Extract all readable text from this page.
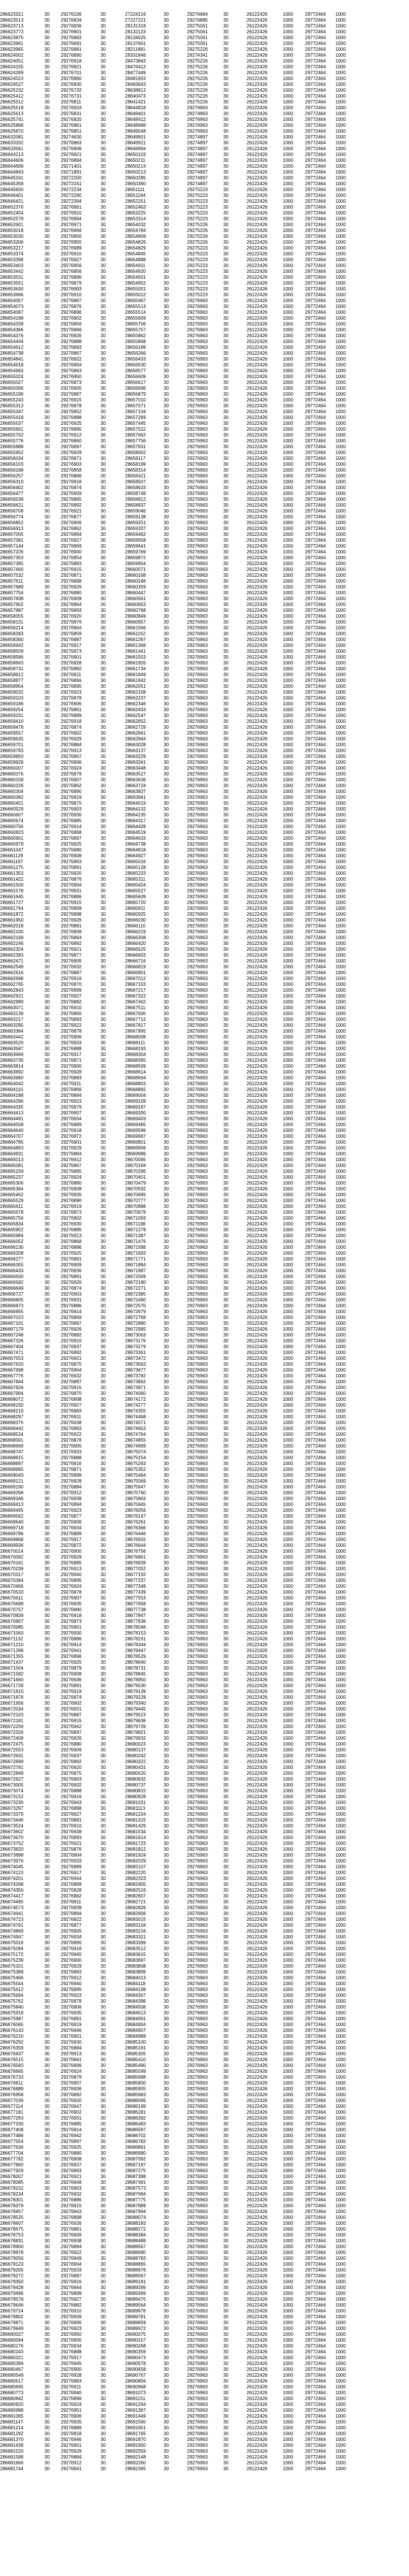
286623321	30	29276106	30	27224216	30	29276684	30	26122426	1000	29772464	1000
286623513	30	29276834	30	27227221	30	29276885	30	26122426	1000	29772464	1000
286623713	30	29276836	30	28131318	30	29275061	30	26122426	1000	29772464	1000
286623773	30	29276901	30	28132123	30	29275061	30	26122426	1000	29772464	1000
286623875	30	29276883	30	28134025	30	29275061	30	26122426	1000	29772464	1000
286623961	30	29276681	30	28137661	30	29275061	30	26122426	1000	29772464	1000
286623965	30	29276881	30	28211881	30	29275226	30	26122426	1000	29772464	1000
286624002	30	29276890	30	28331846	30	29274341	30	26122426	1000	29772464	1000
286624051	30	29276918	30	28473843	30	29275226	30	26122426	1000	29772464	1000
286624155	30	29276921	30	28476412	30	29275226	30	26122426	1000	29772464	1000
286624269	30	29276701	30	28477449	30	29275226	30	26122426	1000	29772464	1000
286624523	30	29276860	30	28481603	30	29275226	30	26122426	1000	29772464	1000
286624527	30	29276930	30	28483643	30	29275226	30	26122426	1000	29772464	1000
286625232	30	29276732	30	28638812	30	29275226	30	26122426	1000	29772464	1000
286625412	30	29276731	30	28640473	30	29275226	30	26122426	1000	29772464	1000
286625512	30	29276811	30	28641421	30	29275226	30	26122426	1000	29772464	1000
286625518	30	29276924	30	28644818	30	29276963	30	26122426	1000	29772464	1000
286625613	30	29276831	30	28648401	30	29274863	30	26122426	1000	29772464	1000
286625741	30	29276820	30	28648412	30	29276963	30	26122426	1000	29772464	1000
286625868	30	29276861	30	28648688	30	29276963	30	26122426	1000	29772464	1000
286625870	30	29276851	30	28649048	30	29276963	30	26122426	1000	29772464	1000
286632081	30	29274630	30	28649901	30	29274897	30	26122426	1000	29772464	1000
286633332	30	29276863	30	28649921	30	29274897	30	26122426	1000	29772464	1000
286633561	30	29276906	30	28649994	30	29274897	30	26122426	1000	29772464	1000
286644213	30	29276921	30	28650103	30	29274897	30	26122426	1000	29772464	1000
286644606	30	29276894	30	28650211	30	29274897	30	26122426	1000	29772464	1000
286644699	30	29271401	30	28650214	30	29274897	30	26122426	1000	29772464	1000
286644843	30	29271891	30	28650213	30	29274897	30	26122426	1000	29772464	1000
286645241	30	29272200	30	28650285	30	29274897	30	26122426	1000	29772464	1000
286645358	30	29272241	30	28650360	30	29274897	30	26122426	1000	29772464	1000
286645600	30	29272234	30	28651111	30	29275223	30	26122426	1000	29772464	1000
286646401	30	29272290	30	28651194	30	29275223	30	26122426	1000	29772464	1000
286646421	30	29272394	30	28652251	30	29275223	30	26122426	1000	29772464	1000
286652376	30	29276861	30	28652463	30	29275223	30	26122426	1000	29772464	1000
286652454	30	29276910	30	28653225	30	29275223	30	26122426	1000	29772464	1000
286652579	30	29276894	30	28653314	30	29275223	30	26122426	1000	29772464	1000
286652601	30	29276971	30	28654032	30	29275226	30	26122426	1000	29772464	1000
286653018	30	29276966	30	28654784	30	29275226	30	26122426	1000	29772464	1000
286653030	30	29276956	30	28654809	30	29275226	30	26122426	1000	29772464	1000
286653206	30	29276955	30	28654826	30	29275226	30	26122426	1000	29772464	1000
286653217	30	29276989	30	28654829	30	29275223	30	26122426	1000	29772464	1000
286653374	30	29276910	30	28654845	30	29275223	30	26122426	1000	29772464	1000
286653398	30	29276927	30	28654888	30	29275223	30	26122426	1000	29772464	1000
286653403	30	29276956	30	28654911	30	29275223	30	26122426	1000	29772464	1000
286653442	30	29276856	30	28654920	30	29275223	30	26122426	1000	29772464	1000
286653531	30	29276896	30	28654931	30	29275223	30	26122426	1000	29772464	1000
286653551	30	29276879	30	28654952	30	29275223	30	26122426	1000	29772464	1000
286653630	30	29276993	30	28655001	30	29275223	30	26122426	1000	29772464	1000
286653666	30	29276910	30	28655012	30	29275223	30	26122426	1000	29772464	1000
286654057	30	29276867	30	28655467	30	29276963	30	26122426	1000	29772464	1000
286654073	30	29276876	30	28655513	30	29276963	30	26122426	1000	29772464	1000
286654087	30	29276896	30	28655514	30	29276963	30	26122426	1000	29772464	1000
286654198	30	29276902	30	28655609	30	29276963	30	26122426	1000	29772464	1000
286654339	30	29276856	30	28655706	30	29276963	30	26122426	1000	29772464	1000
286654366	30	29276866	30	28655757	30	29276963	30	26122426	1000	29772464	1000
286654376	30	29276826	30	28655862	30	29276963	30	26122426	1000	29772464	1000
286654444	30	29276888	30	28655868	30	29276963	30	26122426	1000	29772464	1000
286654612	30	29276893	30	28656189	30	29276963	30	26122426	1000	29772464	1000
286654738	30	29276867	30	28656266	30	29276963	30	26122426	1000	29772464	1000
286654841	30	29276922	30	28656433	30	29276963	30	26122426	1000	29772464	1000
286654918	30	29276904	30	28656530	30	29276963	30	26122426	1000	29772464	1000
286654963	30	29276863	30	28656577	30	29276963	30	26122426	1000	29772464	1000
286655024	30	29276950	30	28656609	30	29276963	30	26122426	1000	29772464	1000
286655027	30	29276873	30	28656617	30	29276963	30	26122426	1000	29772464	1000
286655066	30	29276905	30	28656696	30	29276963	30	26122426	1000	29772464	1000
286655196	30	29276887	30	28656879	30	29276963	30	26122426	1000	29772464	1000
286655243	30	29276915	30	28657010	30	29276963	30	26122426	1000	29772464	1000
286655313	30	29276878	30	28657071	30	29276963	30	26122426	1000	29772464	1000
286655347	30	29276852	30	28657104	30	29276963	30	26122426	1000	29772464	1000
286655418	30	29276888	30	28657269	30	29276963	30	26122426	1000	29772464	1000
286655537	30	29276925	30	28657445	30	29276963	30	26122426	1000	29772464	1000
286655601	30	29276890	30	28657522	30	29276963	30	26122426	1000	29772464	1000
286655702	30	29276912	30	28657662	30	29276963	30	26122426	1000	29772464	1000
286655776	30	29276860	30	28657756	30	29276963	30	26122426	1000	29772464	1000
286655888	30	29276897	30	28657931	30	29276963	30	26122426	1000	29772464	1000
286655952	30	29276929	30	28658002	30	29276963	30	26122426	1000	29772464	1000
286656034	30	29276871	30	28658117	30	29276963	30	26122426	1000	29772464	1000
286656103	30	29276903	30	28658199	30	29276963	30	26122426	1000	29772464	1000
286656188	30	29276858	30	28658314	30	29276963	30	26122426	1000	29772464	1000
286656257	30	29276886	30	28658421	30	29276963	30	26122426	1000	29772464	1000
286656310	30	29276918	30	28658507	30	29276963	30	26122426	1000	29772464	1000
286656402	30	29276874	30	28658633	30	29276963	30	26122426	1000	29772464	1000
286656477	30	29276909	30	28658748	30	29276963	30	26122426	1000	29772464	1000
286656539	30	29276865	30	28658812	30	29276963	30	26122426	1000	29772464	1000
286656621	30	29276892	30	28658937	30	29276963	30	26122426	1000	29772464	1000
286656708	30	29276921	30	28659046	30	29276963	30	26122426	1000	29772464	1000
286656774	30	29276877	30	28659138	30	29276963	30	26122426	1000	29772464	1000
286656852	30	29276906	30	28659251	30	29276963	30	26122426	1000	29772464	1000
286656913	30	29276862	30	28659337	30	29276963	30	26122426	1000	29772464	1000
286657005	30	29276894	30	28659462	30	29276963	30	26122426	1000	29772464	1000
286657081	30	29276927	30	28659558	30	29276963	30	26122426	1000	29772464	1000
286657144	30	29276869	30	28659641	30	29276963	30	26122426	1000	29772464	1000
286657226	30	29276900	30	28659769	30	29276963	30	26122426	1000	29772464	1000
286657303	30	29276854	30	28659872	30	29276963	30	26122426	1000	29772464	1000
286657385	30	29276883	30	28659954	30	29276963	30	26122426	1000	29772464	1000
286657460	30	29276915	30	28660071	30	29276963	30	26122426	1000	29772464	1000
286657532	30	29276871	30	28660168	30	29276963	30	26122426	1000	29772464	1000
286657611	30	29276898	30	28660246	30	29276963	30	26122426	1000	29772464	1000
286657689	30	29276926	30	28660359	30	29276963	30	26122426	1000	29772464	1000
286657754	30	29276880	30	28660447	30	29276963	30	26122426	1000	29772464	1000
286657838	30	29276909	30	28660561	30	29276963	30	26122426	1000	29772464	1000
286657902	30	29276864	30	28660653	30	29276963	30	26122426	1000	29772464	1000
286657987	30	29276893	30	28660768	30	29276963	30	26122426	1000	29772464	1000
286658055	30	29276920	30	28660849	30	29276963	30	26122426	1000	29772464	1000
286658131	30	29276876	30	28660957	30	29276963	30	26122426	1000	29772464	1000
286658214	30	29276904	30	28661066	30	29276963	30	26122426	1000	29772464	1000
286658283	30	29276859	30	28661152	30	29276963	30	26122426	1000	29772464	1000
286658360	30	29276887	30	28661267	30	29276963	30	26122426	1000	29772464	1000
286658442	30	29276917	30	28661368	30	29276963	30	26122426	1000	29772464	1000
286658509	30	29276873	30	28661441	30	29276963	30	26122426	1000	29772464	1000
286658586	30	29276901	30	28661553	30	29276963	30	26122426	1000	29772464	1000
286658663	30	29276928	30	28661655	30	29276963	30	26122426	1000	29772464	1000
286658731	30	29276882	30	28661734	30	29276963	30	26122426	1000	29772464	1000
286658812	30	29276911	30	28661849	30	29276963	30	26122426	1000	29772464	1000
286658877	30	29276866	30	28661942	30	29276963	30	26122426	1000	29772464	1000
286658954	30	29276895	30	28662051	30	29276963	30	26122426	1000	29772464	1000
286659032	30	29276923	30	28662158	30	29276963	30	26122426	1000	29772464	1000
286659103	30	29276878	30	28662237	30	29276963	30	26122426	1000	29772464	1000
286659186	30	29276906	30	28662346	30	29276963	30	26122426	1000	29772464	1000
286659254	30	29276861	30	28662433	30	29276963	30	26122426	1000	29772464	1000
286659331	30	29276889	30	28662547	30	29276963	30	26122426	1000	29772464	1000
286659410	30	29276918	30	28662652	30	29276963	30	26122426	1000	29772464	1000
286659478	30	29276874	30	28662729	30	29276963	30	26122426	1000	29772464	1000
286659557	30	29276902	30	28662841	30	29276963	30	26122426	1000	29772464	1000
286659635	30	29276929	30	28662944	30	29276963	30	26122426	1000	29772464	1000
286659701	30	29276884	30	28663028	30	29276963	30	26122426	1000	29772464	1000
286659783	30	29276913	30	28663137	30	29276963	30	26122426	1000	29772464	1000
286659850	30	29276867	30	28663229	30	29276963	30	26122426	1000	29772464	1000
286659928	30	29276896	30	28663341	30	29276963	30	26122426	1000	29772464	1000
286660007	30	29276924	30	28663448	30	29276963	30	26122426	1000	29772464	1000
286660076	30	29276879	30	28663527	30	29276963	30	26122426	1000	29772464	1000
286660158	30	29276907	30	28663636	30	29276963	30	26122426	1000	29772464	1000
286660226	30	29276862	30	28663724	30	29276963	30	26122426	1000	29772464	1000
286660304	30	29276890	30	28663837	30	29276963	30	26122426	1000	29772464	1000
286660382	30	29276919	30	28663941	30	29276963	30	26122426	1000	29772464	1000
286660451	30	29276875	30	28664019	30	29276963	30	26122426	1000	29772464	1000
286660529	30	29276903	30	28664132	30	29276963	30	26122426	1000	29772464	1000
286660607	30	29276930	30	28664235	30	29276963	30	26122426	1000	29772464	1000
286660674	30	29276885	30	28664317	30	29276963	30	26122426	1000	29772464	1000
286660756	30	29276914	30	28664428	30	29276963	30	26122426	1000	29772464	1000
286660823	30	29276868	30	28664519	30	29276963	30	26122426	1000	29772464	1000
286660901	30	29276897	30	28664633	30	29276963	30	26122426	1000	29772464	1000
286660979	30	29276925	30	28664738	30	29276963	30	26122426	1000	29772464	1000
286661047	30	29276880	30	28664818	30	29276963	30	26122426	1000	29772464	1000
286661129	30	29276908	30	28664927	30	29276963	30	26122426	1000	29772464	1000
286661197	30	29276863	30	28665016	30	29276963	30	26122426	1000	29772464	1000
286661275	30	29276891	30	28665128	30	29276963	30	26122426	1000	29772464	1000
286661353	30	29276920	30	28665233	30	29276963	30	26122426	1000	29772464	1000
286661422	30	29276876	30	28665311	30	29276963	30	26122426	1000	29772464	1000
286661500	30	29276904	30	28665424	30	29276963	30	26122426	1000	29772464	1000
286661578	30	29276931	30	28665527	30	29276963	30	26122426	1000	29772464	1000
286661645	30	29276886	30	28665609	30	29276963	30	26122426	1000	29772464	1000
286661727	30	29276915	30	28665720	30	29276963	30	26122426	1000	29772464	1000
286661794	30	29276869	30	28665811	30	29276963	30	26122426	1000	29772464	1000
286661872	30	29276898	30	28665925	30	29276963	30	26122426	1000	29772464	1000
286661950	30	29276926	30	28666030	30	29276963	30	26122426	1000	29772464	1000
286662018	30	29276881	30	28666110	30	29276963	30	26122426	1000	29772464	1000
286662100	30	29276909	30	28666219	30	29276963	30	26122426	1000	29772464	1000
286662168	30	29276864	30	28666308	30	29276963	30	26122426	1000	29772464	1000
286662246	30	29276892	30	28666420	30	29276963	30	26122426	1000	29772464	1000
286662324	30	29276921	30	28666525	30	29276963	30	26122426	1000	29772464	1000
286662393	30	29276877	30	28666603	30	29276963	30	26122426	1000	29772464	1000
286662471	30	29276905	30	28666716	30	29276963	30	26122426	1000	29772464	1000
286662549	30	29276932	30	28666819	30	29276963	30	26122426	1000	29772464	1000
286662616	30	29276887	30	28666901	30	29276963	30	26122426	1000	29772464	1000
286662698	30	29276916	30	28667012	30	29276963	30	26122426	1000	29772464	1000
286662765	30	29276870	30	28667103	30	29276963	30	26122426	1000	29772464	1000
286662843	30	29276899	30	28667217	30	29276963	30	26122426	1000	29772464	1000
286662921	30	29276927	30	28667322	30	29276963	30	26122426	1000	29772464	1000
286662989	30	29276882	30	28667402	30	29276963	30	26122426	1000	29772464	1000
286663071	30	29276910	30	28667511	30	29276963	30	26122426	1000	29772464	1000
286663139	30	29276865	30	28667600	30	29276963	30	26122426	1000	29772464	1000
286663217	30	29276893	30	28667712	30	29276963	30	26122426	1000	29772464	1000
286663295	30	29276922	30	28667817	30	29276963	30	26122426	1000	29772464	1000
286663364	30	29276878	30	28667895	30	29276963	30	26122426	1000	29772464	1000
286663442	30	29276906	30	28668008	30	29276963	30	26122426	1000	29772464	1000
286663520	30	29276933	30	28668111	30	29276963	30	26122426	1000	29772464	1000
286663587	30	29276888	30	28668193	30	29276963	30	26122426	1000	29772464	1000
286663669	30	29276917	30	28668304	30	29276963	30	26122426	1000	29772464	1000
286663736	30	29276871	30	28668395	30	29276963	30	26122426	1000	29772464	1000
286663814	30	29276900	30	28668509	30	29276963	30	26122426	1000	29772464	1000
286663892	30	29276928	30	28668614	30	29276963	30	26122426	1000	29772464	1000
286663960	30	29276883	30	28668694	30	29276963	30	26122426	1000	29772464	1000
286664042	30	29276911	30	28668803	30	29276963	30	26122426	1000	29772464	1000
286664110	30	29276866	30	28668892	30	29276963	30	26122426	1000	29772464	1000
286664188	30	29276894	30	28669004	30	29276963	30	26122426	1000	29772464	1000
286664266	30	29276923	30	28669109	30	29276963	30	26122426	1000	29772464	1000
286664335	30	29276879	30	28669187	30	29276963	30	26122426	1000	29772464	1000
286664413	30	29276907	30	28669300	30	29276963	30	26122426	1000	29772464	1000
286664491	30	29276934	30	28669403	30	29276963	30	26122426	1000	29772464	1000
286664558	30	29276889	30	28669485	30	29276963	30	26122426	1000	29772464	1000
286664640	30	29276918	30	28669596	30	29276963	30	26122426	1000	29772464	1000
286664707	30	29276872	30	28669687	30	29276963	30	26122426	1000	29772464	1000
286664785	30	29276901	30	28669801	30	29276963	30	26122426	1000	29772464	1000
286664863	30	29276929	30	28669906	30	29276963	30	26122426	1000	29772464	1000
286664931	30	29276884	30	28669986	30	29276963	30	26122426	1000	29772464	1000
286665013	30	29276912	30	28670095	30	29276963	30	26122426	1000	29772464	1000
286665081	30	29276867	30	28670184	30	29276963	30	26122426	1000	29772464	1000
286665159	30	29276895	30	28670296	30	29276963	30	26122426	1000	29772464	1000
286665237	30	29276924	30	28670401	30	29276963	30	26122426	1000	29772464	1000
286665306	30	29276880	30	28670479	30	29276963	30	26122426	1000	29772464	1000
286665384	30	29276908	30	28670592	30	29276963	30	26122426	1000	29772464	1000
286665462	30	29276935	30	28670695	30	29276963	30	26122426	1000	29772464	1000
286665529	30	29276890	30	28670777	30	29276963	30	26122426	1000	29772464	1000
286665611	30	29276919	30	28670888	30	29276963	30	26122426	1000	29772464	1000
286665678	30	29276873	30	28670979	30	29276963	30	26122426	1000	29772464	1000
286665756	30	29276902	30	28671093	30	29276963	30	26122426	1000	29772464	1000
286665834	30	29276930	30	28671198	30	29276963	30	26122426	1000	29772464	1000
286665902	30	29276885	30	28671278	30	29276963	30	26122426	1000	29772464	1000
286665984	30	29276913	30	28671387	30	29276963	30	26122426	1000	29772464	1000
286666052	30	29276868	30	28671476	30	29276963	30	26122426	1000	29772464	1000
286666130	30	29276896	30	28671588	30	29276963	30	26122426	1000	29772464	1000
286666208	30	29276925	30	28671693	30	29276963	30	26122426	1000	29772464	1000
286666277	30	29276881	30	28671771	30	29276963	30	26122426	1000	29772464	1000
286666355	30	29276909	30	28671884	30	29276963	30	26122426	1000	29772464	1000
286666433	30	29276936	30	28671987	30	29276963	30	26122426	1000	29772464	1000
286666500	30	29276891	30	28672069	30	29276963	30	26122426	1000	29772464	1000
286666582	30	29276920	30	28672180	30	29276963	30	26122426	1000	29772464	1000
286666649	30	29276874	30	28672271	30	29276963	30	26122426	1000	29772464	1000
286666727	30	29276903	30	28672385	30	29276963	30	26122426	1000	29772464	1000
286666805	30	29276931	30	28672490	30	29276963	30	26122426	1000	29772464	1000
286666873	30	29276886	30	28672570	30	29276963	30	26122426	1000	29772464	1000
286666955	30	29276914	30	28672679	30	29276963	30	26122426	1000	29772464	1000
286667023	30	29276869	30	28672768	30	29276963	30	26122426	1000	29772464	1000
286667101	30	29276897	30	28672880	30	29276963	30	26122426	1000	29772464	1000
286667179	30	29276926	30	28672985	30	29276963	30	26122426	1000	29772464	1000
286667248	30	29276882	30	28673063	30	29276963	30	26122426	1000	29772464	1000
286667326	30	29276910	30	28673176	30	29276963	30	26122426	1000	29772464	1000
286667404	30	29276937	30	28673279	30	29276963	30	26122426	1000	29772464	1000
286667471	30	29276892	30	28673361	30	29276963	30	26122426	1000	29772464	1000
286667553	30	29276921	30	28673472	30	29276963	30	26122426	1000	29772464	1000
286667620	30	29276875	30	28673563	30	29276963	30	26122426	1000	29772464	1000
286667698	30	29276904	30	28673677	30	29276963	30	26122426	1000	29772464	1000
286667776	30	29276932	30	28673782	30	29276963	30	26122426	1000	29772464	1000
286667844	30	29276887	30	28673862	30	29276963	30	26122426	1000	29772464	1000
286667926	30	29276915	30	28673971	30	29276963	30	26122426	1000	29772464	1000
286667994	30	29276870	30	28674060	30	29276963	30	26122426	1000	29772464	1000
286668072	30	29276898	30	28674172	30	29276963	30	26122426	1000	29772464	1000
286668150	30	29276927	30	28674277	30	29276963	30	26122426	1000	29772464	1000
286668219	30	29276883	30	28674355	30	29276963	30	26122426	1000	29772464	1000
286668297	30	29276911	30	28674468	30	29276963	30	26122426	1000	29772464	1000
286668375	30	29276938	30	28674571	30	29276963	30	26122426	1000	29772464	1000
286668442	30	29276893	30	28674653	30	29276963	30	26122426	1000	29772464	1000
286668524	30	29276922	30	28674764	30	29276963	30	26122426	1000	29772464	1000
286668591	30	29276876	30	28674855	30	29276963	30	26122426	1000	29772464	1000
286668669	30	29276905	30	28674969	30	29276963	30	26122426	1000	29772464	1000
286668747	30	29276933	30	28675074	30	29276963	30	26122426	1000	29772464	1000
286668815	30	29276888	30	28675154	30	29276963	30	26122426	1000	29772464	1000
286668897	30	29276916	30	28675263	30	29276963	30	26122426	1000	29772464	1000
286668965	30	29276871	30	28675352	30	29276963	30	26122426	1000	29772464	1000
286669043	30	29276899	30	28675464	30	29276963	30	26122426	1000	29772464	1000
286669121	30	29276928	30	28675569	30	29276963	30	26122426	1000	29772464	1000
286669190	30	29276884	30	28675647	30	29276963	30	26122426	1000	29772464	1000
286669268	30	29276912	30	28675760	30	29276963	30	26122426	1000	29772464	1000
286669346	30	29276939	30	28675863	30	29276963	30	26122426	1000	29772464	1000
286669413	30	29276894	30	28675945	30	29276963	30	26122426	1000	29772464	1000
286669495	30	29276923	30	28676056	30	29276963	30	26122426	1000	29772464	1000
286669562	30	29276877	30	28676147	30	29276963	30	26122426	1000	29772464	1000
286669640	30	29276906	30	28676261	30	29276963	30	26122426	1000	29772464	1000
286669718	30	29276934	30	28676366	30	29276963	30	26122426	1000	29772464	1000
286669786	30	29276889	30	28676446	30	29276963	30	26122426	1000	29772464	1000
286669868	30	29276917	30	28676555	30	29276963	30	26122426	1000	29772464	1000
286669936	30	29276872	30	28676644	30	29276963	30	26122426	1000	29772464	1000
286670014	30	29276900	30	28676756	30	29276963	30	26122426	1000	29772464	1000
286670092	30	29276929	30	28676861	30	29276963	30	26122426	1000	29772464	1000
286670161	30	29276885	30	28676939	30	29276963	30	26122426	1000	29772464	1000
286670239	30	29276913	30	28677052	30	29276963	30	26122426	1000	29772464	1000
286670317	30	29276940	30	28677155	30	29276963	30	26122426	1000	29772464	1000
286670384	30	29276895	30	28677237	30	29276963	30	26122426	1000	29772464	1000
286670466	30	29276924	30	28677348	30	29276963	30	26122426	1000	29772464	1000
286670533	30	29276878	30	28677439	30	29276963	30	26122426	1000	29772464	1000
286670611	30	29276907	30	28677553	30	29276963	30	26122426	1000	29772464	1000
286670689	30	29276935	30	28677658	30	29276963	30	26122426	1000	29772464	1000
286670757	30	29276890	30	28677738	30	29276963	30	26122426	1000	29772464	1000
286670839	30	29276918	30	28677847	30	29276963	30	26122426	1000	29772464	1000
286670907	30	29276873	30	28677936	30	29276963	30	26122426	1000	29772464	1000
286670985	30	29276901	30	28678048	30	29276963	30	26122426	1000	29772464	1000
286671063	30	29276930	30	28678153	30	29276963	30	26122426	1000	29772464	1000
286671132	30	29276886	30	28678231	30	29276963	30	26122426	1000	29772464	1000
286671210	30	29276914	30	28678344	30	29276963	30	26122426	1000	29772464	1000
286671288	30	29276941	30	28678447	30	29276963	30	26122426	1000	29772464	1000
286671355	30	29276896	30	28678529	30	29276963	30	26122426	1000	29772464	1000
286671437	30	29276925	30	28678640	30	29276963	30	26122426	1000	29772464	1000
286671504	30	29276879	30	28678731	30	29276963	30	26122426	1000	29772464	1000
286671582	30	29276908	30	28678845	30	29276963	30	26122426	1000	29772464	1000
286671660	30	29276936	30	28678950	30	29276963	30	26122426	1000	29772464	1000
286671728	30	29276891	30	28679030	30	29276963	30	26122426	1000	29772464	1000
286671810	30	29276919	30	28679139	30	29276963	30	26122426	1000	29772464	1000
286671878	30	29276874	30	28679228	30	29276963	30	26122426	1000	29772464	1000
286671956	30	29276902	30	28679340	30	29276963	30	26122426	1000	29772464	1000
286672034	30	29276931	30	28679445	30	29276963	30	26122426	1000	29772464	1000
286672103	30	29276887	30	28679523	30	29276963	30	26122426	1000	29772464	1000
286672181	30	29276915	30	28679636	30	29276963	30	26122426	1000	29772464	1000
286672259	30	29276942	30	28679739	30	29276963	30	26122426	1000	29772464	1000
286672326	30	29276897	30	28679821	30	29276963	30	26122426	1000	29772464	1000
286672408	30	29276926	30	28679932	30	29276963	30	26122426	1000	29772464	1000
286672475	30	29276880	30	28680023	30	29276963	30	26122426	1000	29772464	1000
286672553	30	29276909	30	28680137	30	29276963	30	26122426	1000	29772464	1000
286672631	30	29276937	30	28680242	30	29276963	30	26122426	1000	29772464	1000
286672699	30	29276892	30	28680322	30	29276963	30	26122426	1000	29772464	1000
286672781	30	29276920	30	28680431	30	29276963	30	26122426	1000	29772464	1000
286672849	30	29276875	30	28680520	30	29276963	30	26122426	1000	29772464	1000
286672927	30	29276903	30	28680632	30	29276963	30	26122426	1000	29772464	1000
286673005	30	29276932	30	28680737	30	29276963	30	26122426	1000	29772464	1000
286673074	30	29276888	30	28680815	30	29276963	30	26122426	1000	29772464	1000
286673152	30	29276916	30	28680928	30	29276963	30	26122426	1000	29772464	1000
286673230	30	29276943	30	28681031	30	29276963	30	26122426	1000	29772464	1000
286673297	30	29276898	30	28681113	30	29276963	30	26122426	1000	29772464	1000
286673379	30	29276927	30	28681224	30	29276963	30	26122426	1000	29772464	1000
286673446	30	29276881	30	28681315	30	29276963	30	26122426	1000	29772464	1000
286673524	30	29276910	30	28681429	30	29276963	30	26122426	1000	29772464	1000
286673602	30	29276938	30	28681534	30	29276963	30	26122426	1000	29772464	1000
286673670	30	29276893	30	28681614	30	29276963	30	26122426	1000	29772464	1000
286673752	30	29276921	30	28681723	30	29276963	30	26122426	1000	29772464	1000
286673820	30	29276876	30	28681812	30	29276963	30	26122426	1000	29772464	1000
286673898	30	29276904	30	28681924	30	29276963	30	26122426	1000	29772464	1000
286673976	30	29276933	30	28682029	30	29276963	30	26122426	1000	29772464	1000
286674045	30	29276889	30	28682107	30	29276963	30	26122426	1000	29772464	1000
286674123	30	29276917	30	28682220	30	29276963	30	26122426	1000	29772464	1000
286674201	30	29276944	30	28682323	30	29276963	30	26122426	1000	29772464	1000
286674268	30	29276899	30	28682405	30	29276963	30	26122426	1000	29772464	1000
286674350	30	29276928	30	28682516	30	29276963	30	26122426	1000	29772464	1000
286674417	30	29276882	30	28682607	30	29276963	30	26122426	1000	29772464	1000
286674495	30	29276911	30	28682721	30	29276963	30	26122426	1000	29772464	1000
286674573	30	29276939	30	28682826	30	29276963	30	26122426	1000	29772464	1000
286674641	30	29276894	30	28682906	30	29276963	30	26122426	1000	29772464	1000
286674723	30	29276922	30	28683015	30	29276963	30	26122426	1000	29772464	1000
286674791	30	29276877	30	28683104	30	29276963	30	26122426	1000	29772464	1000
286674869	30	29276905	30	28683216	30	29276963	30	26122426	1000	29772464	1000
286674947	30	29276934	30	28683321	30	29276963	30	26122426	1000	29772464	1000
286675016	30	29276890	30	28683399	30	29276963	30	26122426	1000	29772464	1000
286675094	30	29276918	30	28683512	30	29276963	30	26122426	1000	29772464	1000
286675172	30	29276945	30	28683615	30	29276963	30	26122426	1000	29772464	1000
286675239	30	29276900	30	28683697	30	29276963	30	26122426	1000	29772464	1000
286675321	30	29276929	30	28683808	30	29276963	30	26122426	1000	29772464	1000
286675388	30	29276883	30	28683899	30	29276963	30	26122426	1000	29772464	1000
286675466	30	29276912	30	28684013	30	29276963	30	26122426	1000	29772464	1000
286675544	30	29276940	30	28684118	30	29276963	30	26122426	1000	29772464	1000
286675612	30	29276895	30	28684198	30	29276963	30	26122426	1000	29772464	1000
286675694	30	29276923	30	28684307	30	29276963	30	26122426	1000	29772464	1000
286675762	30	29276878	30	28684396	30	29276963	30	26122426	1000	29772464	1000
286675840	30	29276906	30	28684508	30	29276963	30	26122426	1000	29772464	1000
286675918	30	29276935	30	28684613	30	29276963	30	26122426	1000	29772464	1000
286675987	30	29276891	30	28684691	30	29276963	30	26122426	1000	29772464	1000
286676065	30	29276919	30	28684804	30	29276963	30	26122426	1000	29772464	1000
286676143	30	29276946	30	28684907	30	29276963	30	26122426	1000	29772464	1000
286676210	30	29276901	30	28684989	30	29276963	30	26122426	1000	29772464	1000
286676292	30	29276930	30	28685100	30	29276963	30	26122426	1000	29772464	1000
286676359	30	29276884	30	28685191	30	29276963	30	26122426	1000	29772464	1000
286676437	30	29276913	30	28685305	30	29276963	30	26122426	1000	29772464	1000
286676515	30	29276941	30	28685410	30	29276963	30	26122426	1000	29772464	1000
286676583	30	29276896	30	28685490	30	29276963	30	26122426	1000	29772464	1000
286676665	30	29276924	30	28685599	30	29276963	30	26122426	1000	29772464	1000
286676733	30	29276879	30	28685688	30	29276963	30	26122426	1000	29772464	1000
286676811	30	29276907	30	28685800	30	29276963	30	26122426	1000	29772464	1000
286676889	30	29276936	30	28685905	30	29276963	30	26122426	1000	29772464	1000
286676958	30	29276892	30	28685983	30	29276963	30	26122426	1000	29772464	1000
286677036	30	29276920	30	28686096	30	29276963	30	26122426	1000	29772464	1000
286677114	30	29276947	30	28686199	30	29276963	30	26122426	1000	29772464	1000
286677181	30	29276902	30	28686281	30	29276963	30	26122426	1000	29772464	1000
286677263	30	29276931	30	28686392	30	29276963	30	26122426	1000	29772464	1000
286677330	30	29276885	30	28686483	30	29276963	30	26122426	1000	29772464	1000
286677408	30	29276914	30	28686597	30	29276963	30	26122426	1000	29772464	1000
286677486	30	29276942	30	28686702	30	29276963	30	26122426	1000	29772464	1000
286677554	30	29276897	30	28686782	30	29276963	30	26122426	1000	29772464	1000
286677636	30	29276925	30	28686891	30	29276963	30	26122426	1000	29772464	1000
286677704	30	29276880	30	28686980	30	29276963	30	26122426	1000	29772464	1000
286677782	30	29276908	30	28687092	30	29276963	30	26122426	1000	29772464	1000
286677860	30	29276937	30	28687197	30	29276963	30	26122426	1000	29772464	1000
286677929	30	29276893	30	28687275	30	29276963	30	26122426	1000	29772464	1000
286678007	30	29276921	30	28687388	30	29276963	30	26122426	1000	29772464	1000
286678085	30	29276948	30	28687491	30	29276963	30	26122426	1000	29772464	1000
286678152	30	29276903	30	28687573	30	29276963	30	26122426	1000	29772464	1000
286678234	30	29276932	30	28687684	30	29276963	30	26122426	1000	29772464	1000
286678301	30	29276886	30	28687775	30	29276963	30	26122426	1000	29772464	1000
286678379	30	29276915	30	28687889	30	29276963	30	26122426	1000	29772464	1000
286678457	30	29276943	30	28687994	30	29276963	30	26122426	1000	29772464	1000
286678525	30	29276898	30	28688074	30	29276963	30	26122426	1000	29772464	1000
286678607	30	29276926	30	28688183	30	29276963	30	26122426	1000	29772464	1000
286678675	30	29276881	30	28688272	30	29276963	30	26122426	1000	29772464	1000
286678753	30	29276909	30	28688384	30	29276963	30	26122426	1000	29772464	1000
286678831	30	29276938	30	28688489	30	29276963	30	26122426	1000	29772464	1000
286678900	30	29276894	30	28688567	30	29276963	30	26122426	1000	29772464	1000
286678978	30	29276922	30	28688680	30	29276963	30	26122426	1000	29772464	1000
286679056	30	29276949	30	28688783	30	29276963	30	26122426	1000	29772464	1000
286679123	30	29276904	30	28688865	30	29276963	30	26122426	1000	29772464	1000
286679205	30	29276933	30	28688976	30	29276963	30	26122426	1000	29772464	1000
286679272	30	29276887	30	28689067	30	29276963	30	26122426	1000	29772464	1000
286679350	30	29276916	30	28689181	30	29276963	30	26122426	1000	29772464	1000
286679428	30	29276944	30	28689286	30	29276963	30	26122426	1000	29772464	1000
286679496	30	29276899	30	28689366	30	29276963	30	26122426	1000	29772464	1000
286679578	30	29276927	30	28689475	30	29276963	30	26122426	1000	29772464	1000
286679646	30	29276882	30	28689564	30	29276963	30	26122426	1000	29772464	1000
286679724	30	29276910	30	28689676	30	29276963	30	26122426	1000	29772464	1000
286679802	30	29276939	30	28689781	30	29276963	30	26122426	1000	29772464	1000
286679871	30	29276895	30	28689859	30	29276963	30	26122426	1000	29772464	1000
286679949	30	29276923	30	28689972	30	29276963	30	26122426	1000	29772464	1000
286680027	30	29276950	30	28690075	30	29276963	30	26122426	1000	29772464	1000
286680094	30	29276905	30	28690157	30	29276963	30	26122426	1000	29772464	1000
286680176	30	29276934	30	28690268	30	29276963	30	26122426	1000	29772464	1000
286680243	30	29276888	30	28690359	30	29276963	30	26122426	1000	29772464	1000
286680321	30	29276917	30	28690473	30	29276963	30	26122426	1000	29772464	1000
286680399	30	29276945	30	28690578	30	29276963	30	26122426	1000	29772464	1000
286680467	30	29276900	30	28690658	30	29276963	30	26122426	1000	29772464	1000
286680549	30	29276928	30	28690767	30	29276963	30	26122426	1000	29772464	1000
286680617	30	29276883	30	28690856	30	29276963	30	26122426	1000	29772464	1000
286680695	30	29276911	30	28690968	30	29276963	30	26122426	1000	29772464	1000
286680773	30	29276940	30	28691073	30	29276963	30	26122426	1000	29772464	1000
286680842	30	29276896	30	28691151	30	29276963	30	26122426	1000	29772464	1000
286680920	30	29276924	30	28691264	30	29276963	30	26122426	1000	29772464	1000
286680998	30	29276951	30	28691367	30	29276963	30	26122426	1000	29772464	1000
286681065	30	29276906	30	28691449	30	29276963	30	26122426	1000	29772464	1000
286681147	30	29276935	30	28691560	30	29276963	30	26122426	1000	29772464	1000
286681214	30	29276889	30	28691651	30	29276963	30	26122426	1000	29772464	1000
286681292	30	29276918	30	28691765	30	29276963	30	26122426	1000	29772464	1000
286681370	30	29276946	30	28691870	30	29276963	30	26122426	1000	29772464	1000
286681438	30	29276901	30	28691950	30	29276963	30	26122426	1000	29772464	1000
286681520	30	29276929	30	28692059	30	29276963	30	26122426	1000	29772464	1000
286681588	30	29276884	30	28692148	30	29276963	30	26122426	1000	29772464	1000
286681666	30	29276912	30	28692260	30	29276963	30	26122426	1000	29772464	1000
286681744	30	29276941	30	28692365	30	29276963	30	26122426	1000	29772464	1000
